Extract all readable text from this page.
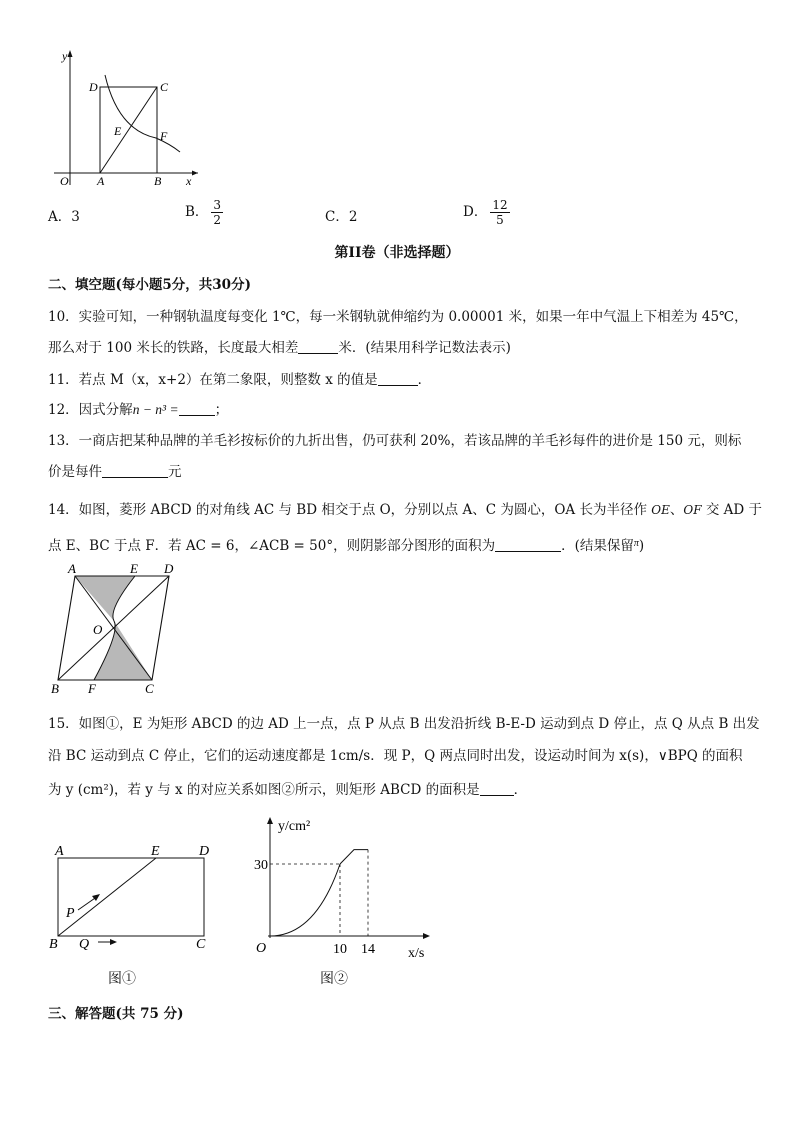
y
x
O A	B
C
D
E	F
A．3	B． $\frac{3}{2}$	C．2	D． $\frac{12}{5}$
第II卷（非选择题）
二、填空题(每小题5分，共30分)
10．实验可知，一种钢轨温度每变化 1℃，每一米钢轨就伸缩约为 0.00001 米，如果一年中气温上下相差为 45℃，
那么对于 100 米长的铁路，长度最大相差	米．(结果用科学记数法表示)
11．若点 M（x，x+2）在第二象限，则整数 x 的值是	．
12．因式分解n − n³ =	；
13．一商店把某种品牌的羊毛衫按标价的九折出售，仍可获利 20%，若该品牌的羊毛衫每件的进价是 150 元，则标
价是每件	元
14．如图，菱形 ABCD 的对角线 AC 与 BD 相交于点 O，分别以点 A、C 为圆心，OA 长为半径作 OE、OF 交 AD 于
点 E、BC 于点 F．若 AC = 6，∠ACB = 50°，则阴影部分图形的面积为	．(结果保留$^\pi$)
A	E D
O
B F	C
15．如图①，E 为矩形 ABCD 的边 AD 上一点，点 P 从点 B 出发沿折线 B-E-D 运动到点 D 停止，点 Q 从点 B 出发
沿 BC 运动到点 C 停止，它们的运动速度都是 1cm/s．现 P，Q 两点同时出发，设运动时间为 x(s)，∨BPQ 的面积
为 y (cm²)，若 y 与 x 的对应关系如图②所示，则矩形 ABCD 的面积是	．
A	E	D
P
B Q	C
图①
y/cm²
x/s
O	10 14
30
图②
三、解答题(共 75 分)
